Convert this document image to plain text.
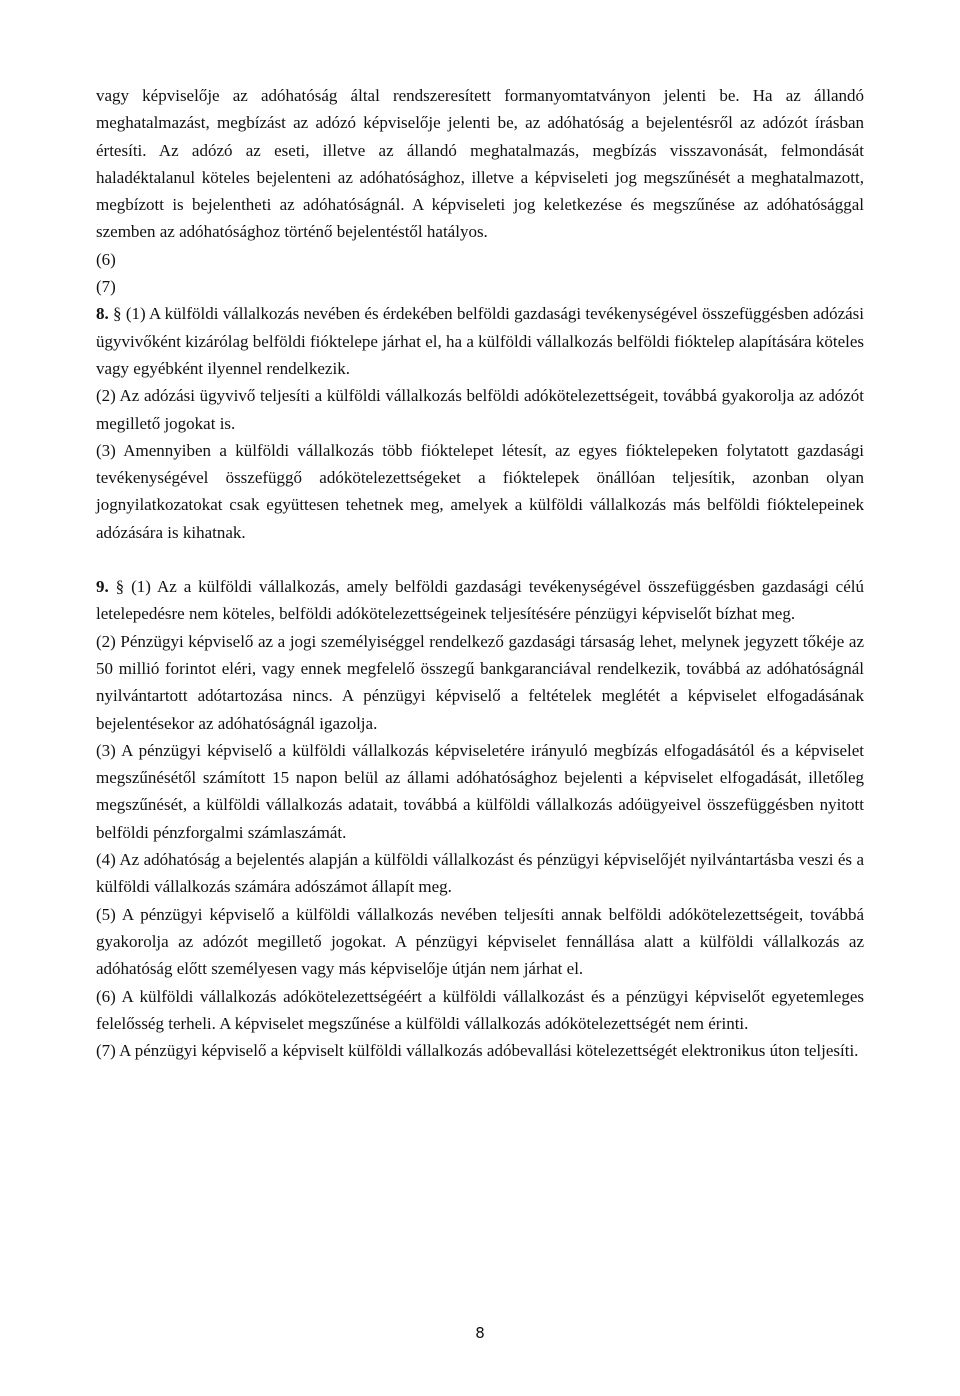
vagy képviselője az adóhatóság által rendszeresített formanyomtatványon jelenti be. Ha az állandó meghatalmazást, megbízást az adózó képviselője jelenti be, az adóhatóság a bejelentésről az adózót írásban értesíti. Az adózó az eseti, illetve az állandó meghatalmazás, megbízás visszavonását, felmondását haladéktalanul köteles bejelenteni az adóhatósághoz, illetve a képviseleti jog megszűnését a meghatalmazott, megbízott is bejelentheti az adóhatóságnál. A képviseleti jog keletkezése és megszűnése az adóhatósággal szemben az adóhatósághoz történő bejelentéstől hatályos.

(6)

(7)

8. § (1) A külföldi vállalkozás nevében és érdekében belföldi gazdasági tevékenységével összefüggésben adózási ügyvivőként kizárólag belföldi fióktelepe járhat el, ha a külföldi vállalkozás belföldi fióktelep alapítására köteles vagy egyébként ilyennel rendelkezik.

(2) Az adózási ügyvivő teljesíti a külföldi vállalkozás belföldi adókötelezettségeit, továbbá gyakorolja az adózót megillető jogokat is.

(3) Amennyiben a külföldi vállalkozás több fióktelepet létesít, az egyes fióktelepeken folytatott gazdasági tevékenységével összefüggő adókötelezettségeket a fióktelepek önállóan teljesítik, azonban olyan jognyilatkozatokat csak együttesen tehetnek meg, amelyek a külföldi vállalkozás más belföldi fióktelepeinek adózására is kihatnak.

9. § (1) Az a külföldi vállalkozás, amely belföldi gazdasági tevékenységével összefüggésben gazdasági célú letelepedésre nem köteles, belföldi adókötelezettségeinek teljesítésére pénzügyi képviselőt bízhat meg.

(2) Pénzügyi képviselő az a jogi személyiséggel rendelkező gazdasági társaság lehet, melynek jegyzett tőkéje az 50 millió forintot eléri, vagy ennek megfelelő összegű bankgaranciával rendelkezik, továbbá az adóhatóságnál nyilvántartott adótartozása nincs. A pénzügyi képviselő a feltételek meglétét a képviselet elfogadásának bejelentésekor az adóhatóságnál igazolja.

(3) A pénzügyi képviselő a külföldi vállalkozás képviseletére irányuló megbízás elfogadásától és a képviselet megszűnésétől számított 15 napon belül az állami adóhatósághoz bejelenti a képviselet elfogadását, illetőleg megszűnését, a külföldi vállalkozás adatait, továbbá a külföldi vállalkozás adóügyeivel összefüggésben nyitott belföldi pénzforgalmi számlaszámát.

(4) Az adóhatóság a bejelentés alapján a külföldi vállalkozást és pénzügyi képviselőjét nyilvántartásba veszi és a külföldi vállalkozás számára adószámot állapít meg.

(5) A pénzügyi képviselő a külföldi vállalkozás nevében teljesíti annak belföldi adókötelezettségeit, továbbá gyakorolja az adózót megillető jogokat. A pénzügyi képviselet fennállása alatt a külföldi vállalkozás az adóhatóság előtt személyesen vagy más képviselője útján nem járhat el.

(6) A külföldi vállalkozás adókötelezettségéért a külföldi vállalkozást és a pénzügyi képviselőt egyetemleges felelősség terheli. A képviselet megszűnése a külföldi vállalkozás adókötelezettségét nem érinti.

(7) A pénzügyi képviselő a képviselt külföldi vállalkozás adóbevallási kötelezettségét elektronikus úton teljesíti.

8
